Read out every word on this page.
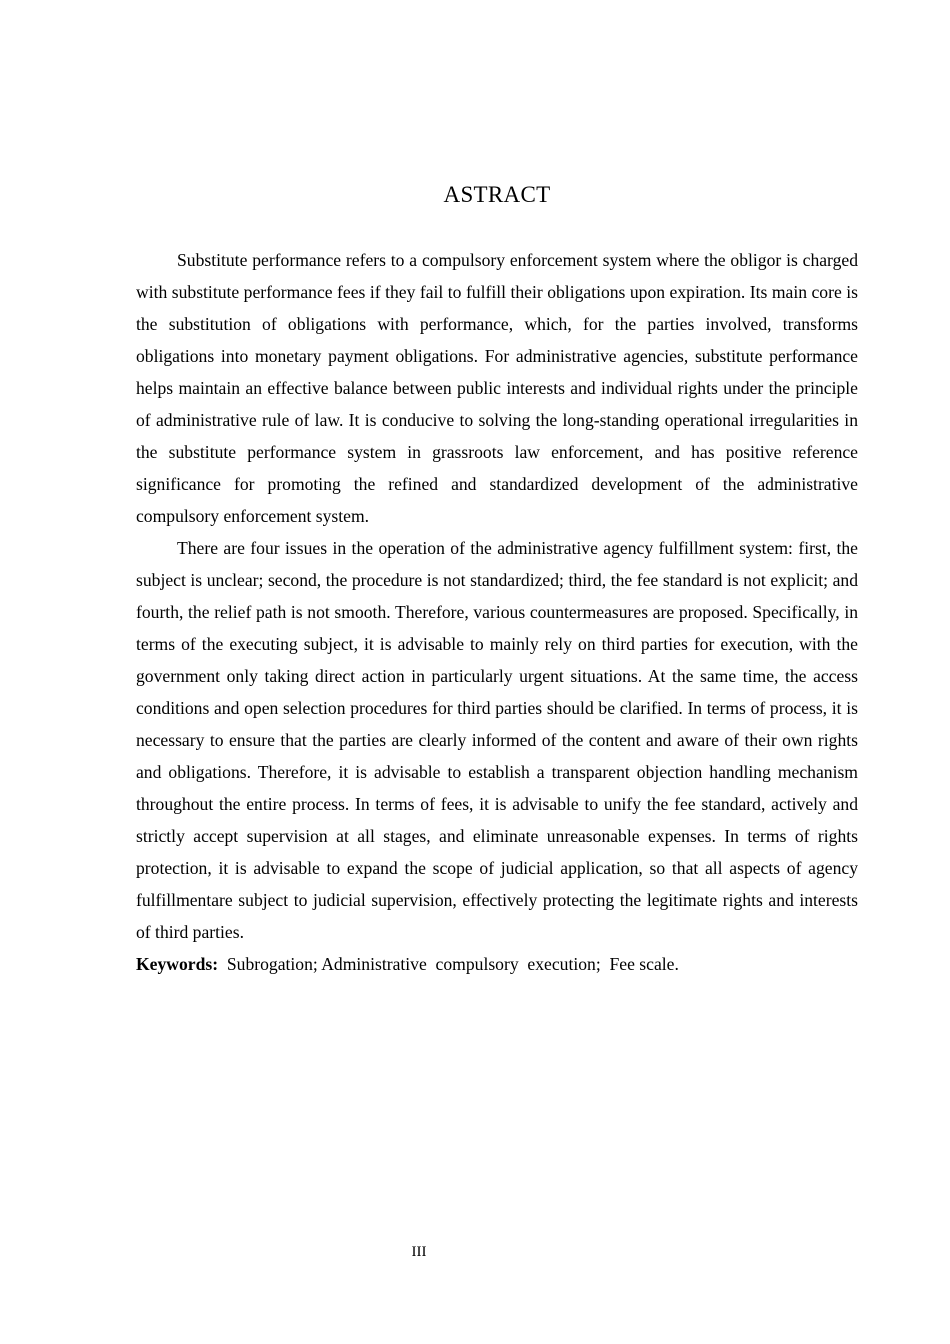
ASTRACT

Substitute performance refers to a compulsory enforcement system where the obligor is charged with substitute performance fees if they fail to fulfill their obligations upon expiration. Its main core is the substitution of obligations with performance, which, for the parties involved, transforms obligations into monetary payment obligations. For administrative agencies, substitute performance helps maintain an effective balance between public interests and individual rights under the principle of administrative rule of law. It is conducive to solving the long-standing operational irregularities in the substitute performance system in grassroots law enforcement, and has positive reference significance for promoting the refined and standardized development of the administrative compulsory enforcement system.

There are four issues in the operation of the administrative agency fulfillment system: first, the subject is unclear; second, the procedure is not standardized; third, the fee standard is not explicit; and fourth, the relief path is not smooth. Therefore, various countermeasures are proposed. Specifically, in terms of the executing subject, it is advisable to mainly rely on third parties for execution, with the government only taking direct action in particularly urgent situations. At the same time, the access conditions and open selection procedures for third parties should be clarified. In terms of process, it is necessary to ensure that the parties are clearly informed of the content and aware of their own rights and obligations. Therefore, it is advisable to establish a transparent objection handling mechanism throughout the entire process. In terms of fees, it is advisable to unify the fee standard, actively and strictly accept supervision at all stages, and eliminate unreasonable expenses. In terms of rights protection, it is advisable to expand the scope of judicial application, so that all aspects of agency fulfillmentare subject to judicial supervision, effectively protecting the legitimate rights and interests of third parties.

Keywords: Subrogation; Administrative  compulsory  execution;  Fee scale.

III
